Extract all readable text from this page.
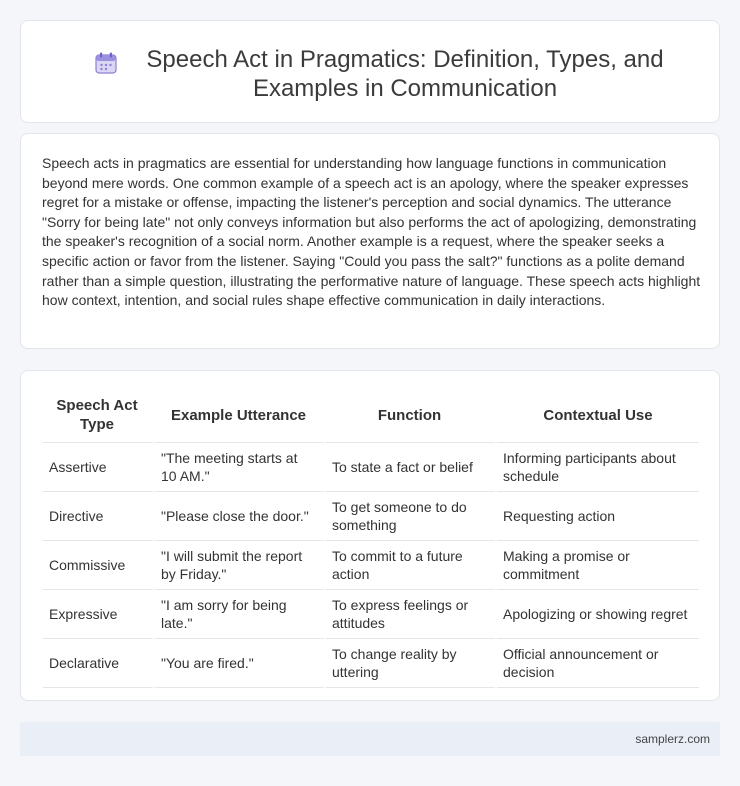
Speech Act in Pragmatics: Definition, Types, and Examples in Communication

Speech acts in pragmatics are essential for understanding how language functions in communication beyond mere words. One common example of a speech act is an apology, where the speaker expresses regret for a mistake or offense, impacting the listener's perception and social dynamics. The utterance "Sorry for being late" not only conveys information but also performs the act of apologizing, demonstrating the speaker's recognition of a social norm. Another example is a request, where the speaker seeks a specific action or favor from the listener. Saying "Could you pass the salt?" functions as a polite demand rather than a simple question, illustrating the performative nature of language. These speech acts highlight how context, intention, and social rules shape effective communication in daily interactions.

Speech Act Type	Example Utterance	Function	Contextual Use
Assertive	"The meeting starts at 10 AM."	To state a fact or belief	Informing participants about schedule
Directive	"Please close the door."	To get someone to do something	Requesting action
Commissive	"I will submit the report by Friday."	To commit to a future action	Making a promise or commitment
Expressive	"I am sorry for being late."	To express feelings or attitudes	Apologizing or showing regret
Declarative	"You are fired."	To change reality by uttering	Official announcement or decision
samplerz.com
